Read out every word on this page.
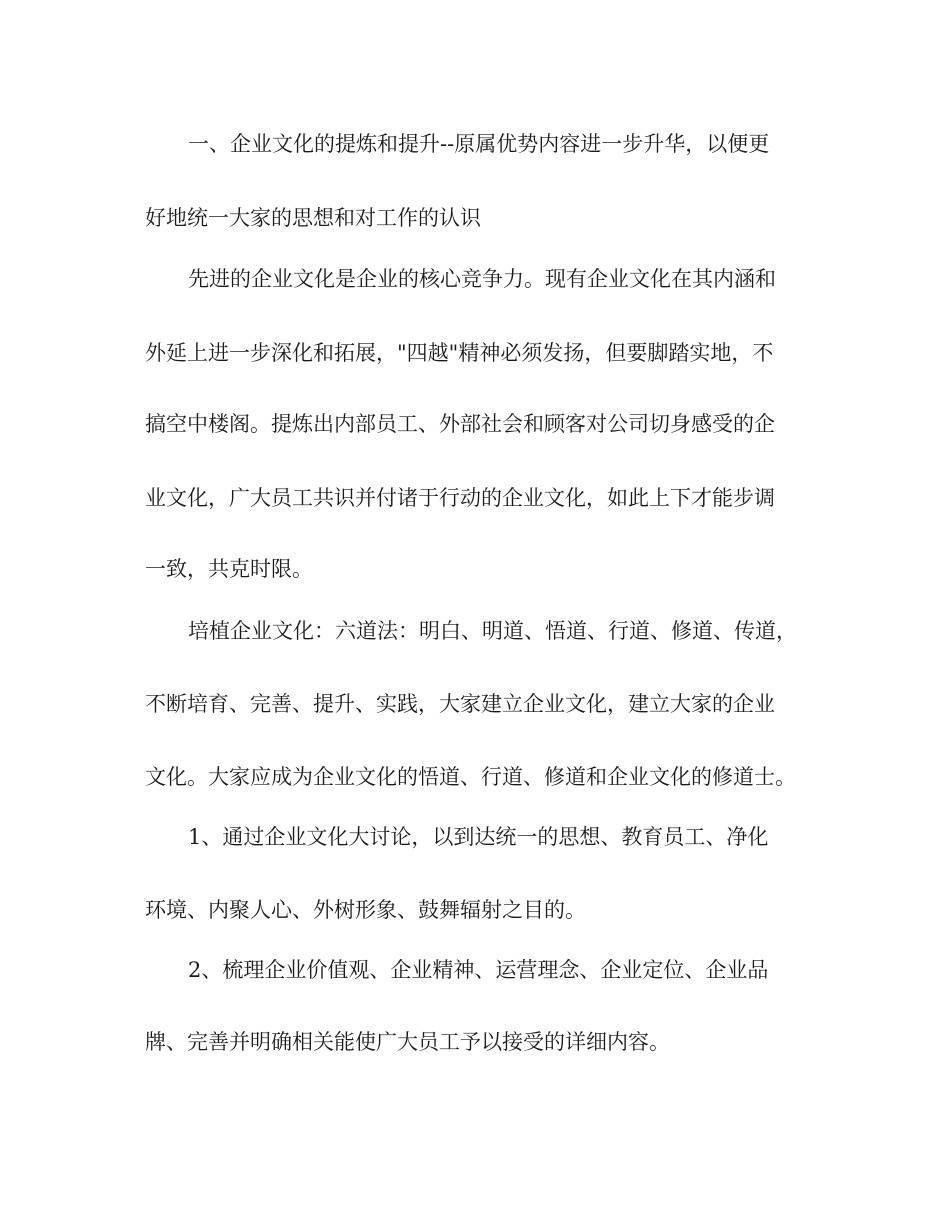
一、企业文化的提炼和提升--原属优势内容进一步升华，以便更

好地统一大家的思想和对工作的认识

先进的企业文化是企业的核心竞争力。现有企业文化在其内涵和

外延上进一步深化和拓展，"四越"精神必须发扬，但要脚踏实地，不

搞空中楼阁。提炼出内部员工、外部社会和顾客对公司切身感受的企

业文化，广大员工共识并付诸于行动的企业文化，如此上下才能步调

一致，共克时限。

培植企业文化：六道法：明白、明道、悟道、行道、修道、传道，

不断培育、完善、提升、实践，大家建立企业文化，建立大家的企业

文化。大家应成为企业文化的悟道、行道、修道和企业文化的修道士。

1、通过企业文化大讨论，以到达统一的思想、教育员工、净化

环境、内聚人心、外树形象、鼓舞辐射之目的。

2、梳理企业价值观、企业精神、运营理念、企业定位、企业品

牌、完善并明确相关能使广大员工予以接受的详细内容。
